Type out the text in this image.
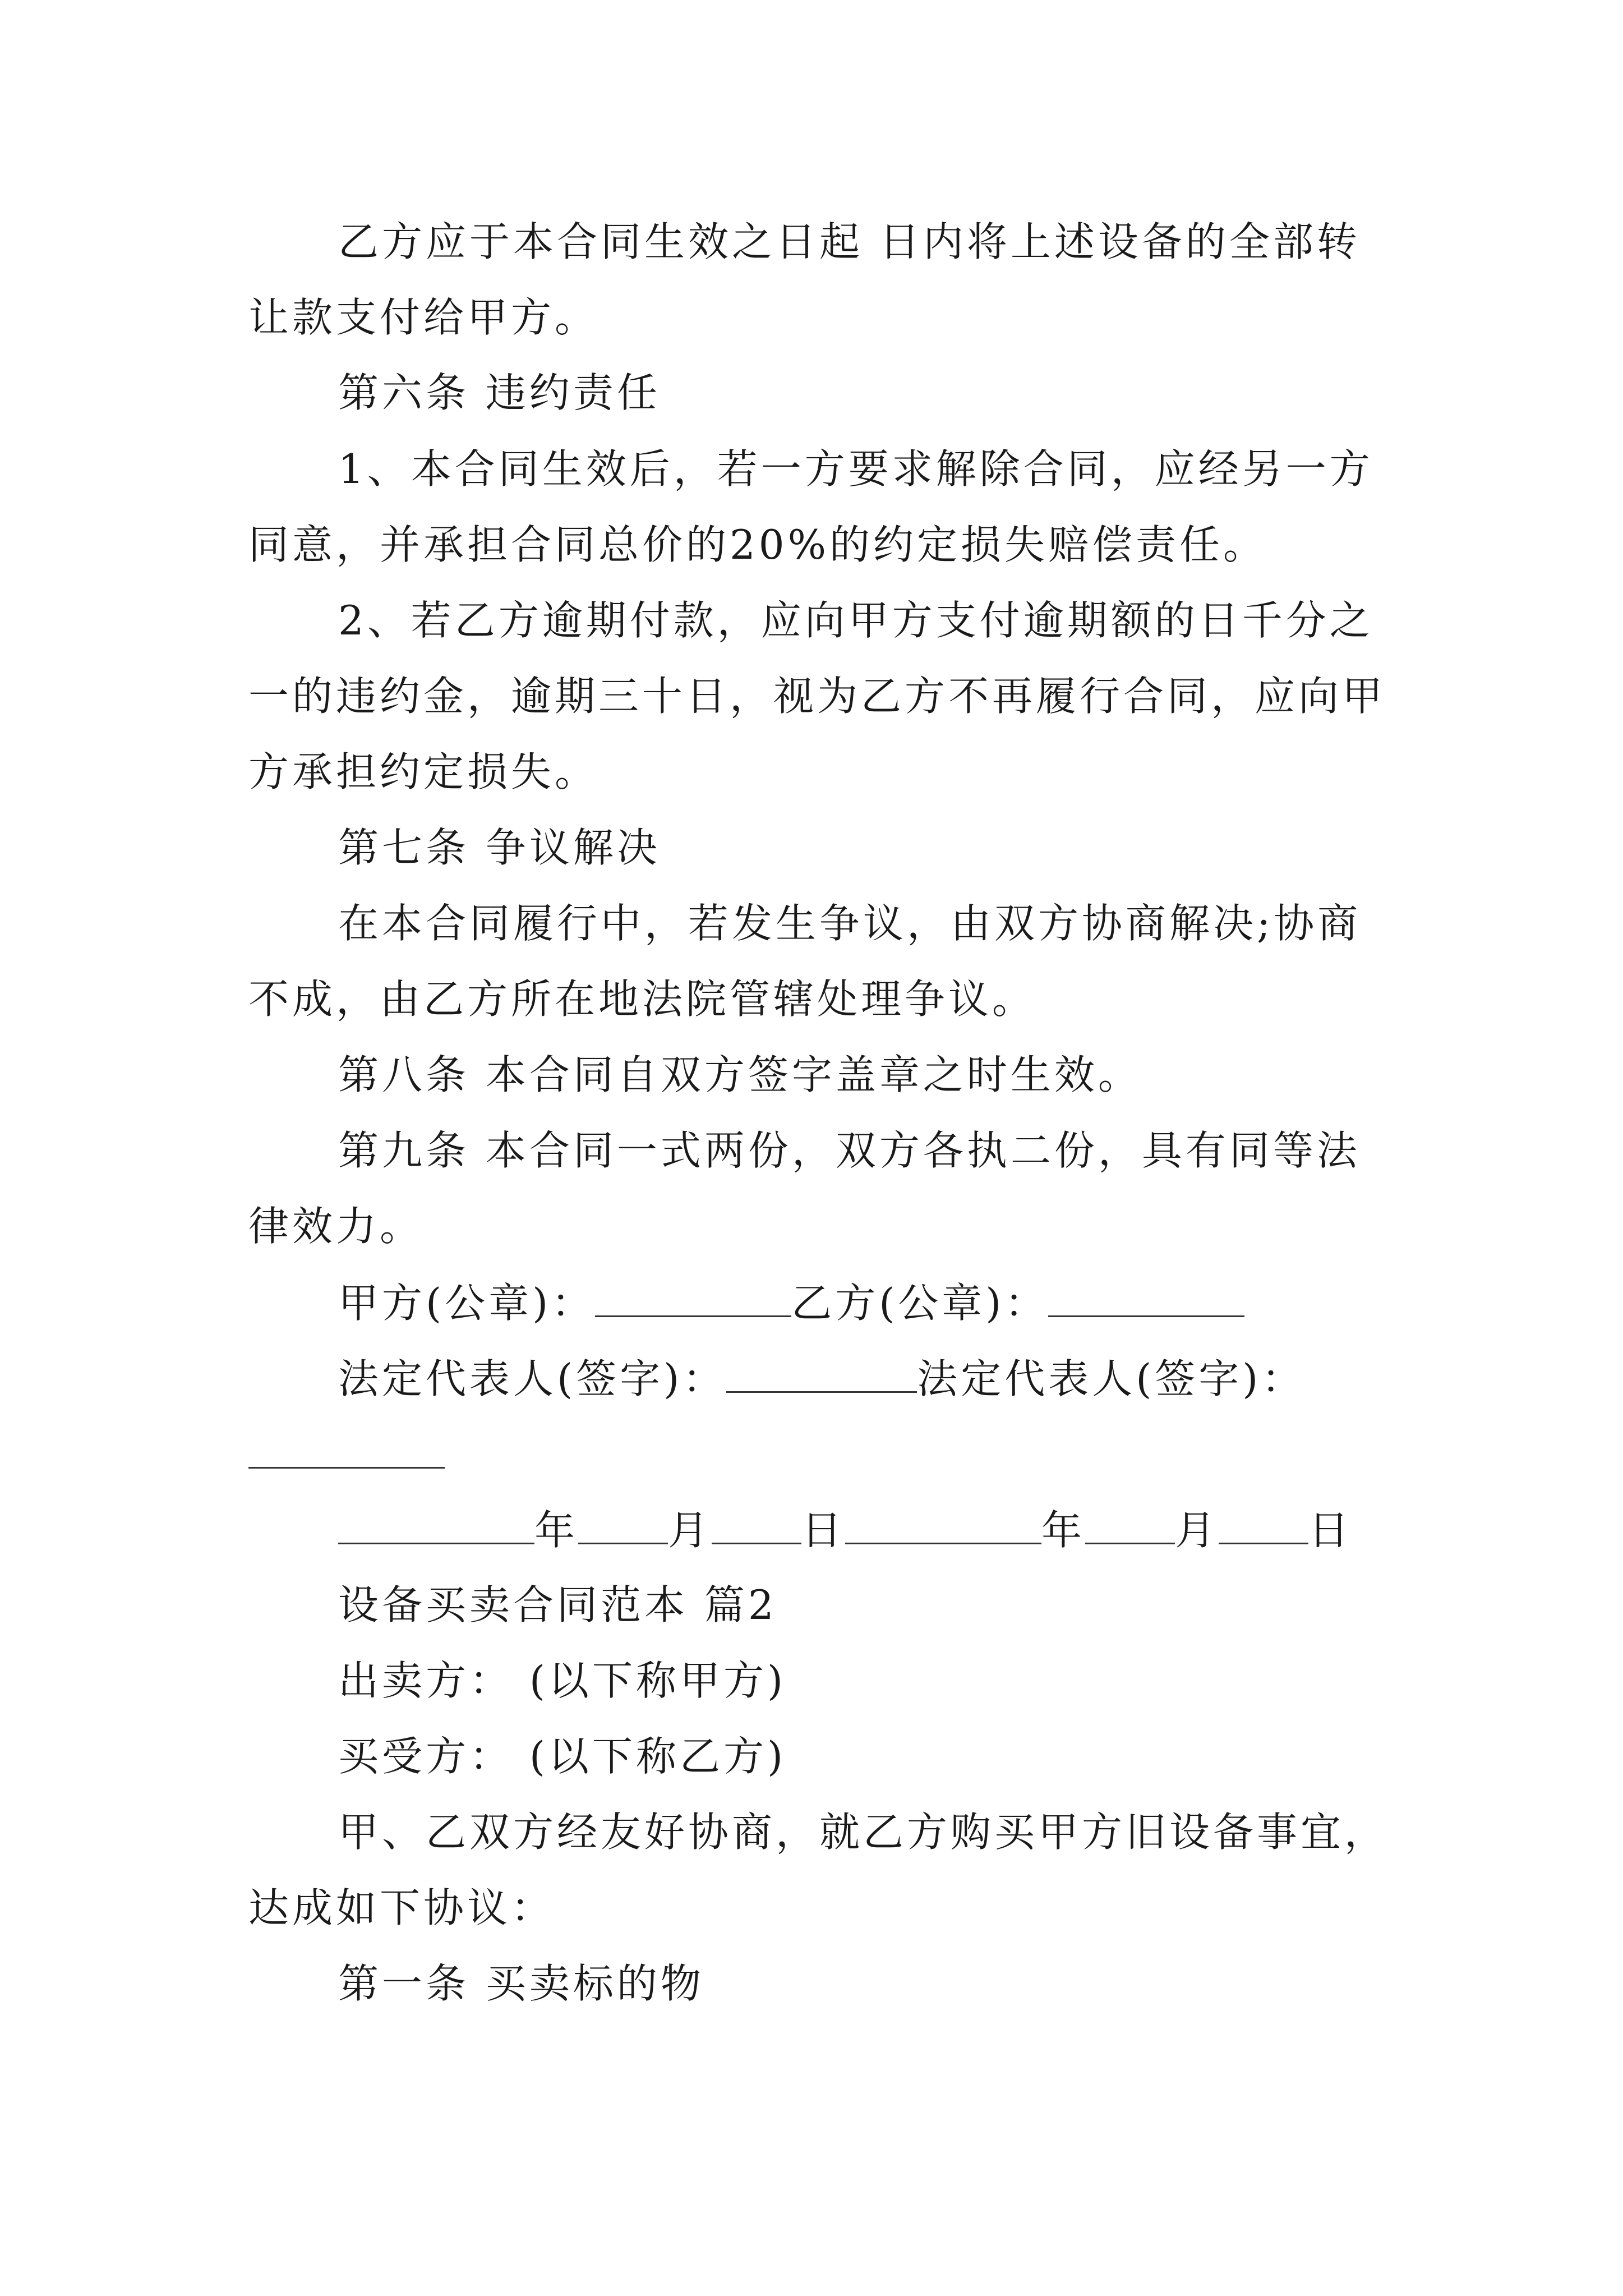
乙方应于本合同生效之日起 日内将上述设备的全部转
让款支付给甲方。
第六条 违约责任
1、本合同生效后，若一方要求解除合同，应经另一方
同意，并承担合同总价的20%的约定损失赔偿责任。
2、若乙方逾期付款，应向甲方支付逾期额的日千分之
一的违约金，逾期三十日，视为乙方不再履行合同，应向甲
方承担约定损失。
第七条 争议解决
在本合同履行中，若发生争议，由双方协商解决;协商
不成，由乙方所在地法院管辖处理争议。
第八条 本合同自双方签字盖章之时生效。
第九条 本合同一式两份，双方各执二份，具有同等法
律效力。
甲方(公章)：	乙方(公章)：
法定代表人(签字)：	法定代表人(签字)：
年 月 日	年 月 日
设备买卖合同范本 篇2
出卖方： (以下称甲方)
买受方： (以下称乙方)
甲、乙双方经友好协商，就乙方购买甲方旧设备事宜，
达成如下协议：
第一条 买卖标的物
